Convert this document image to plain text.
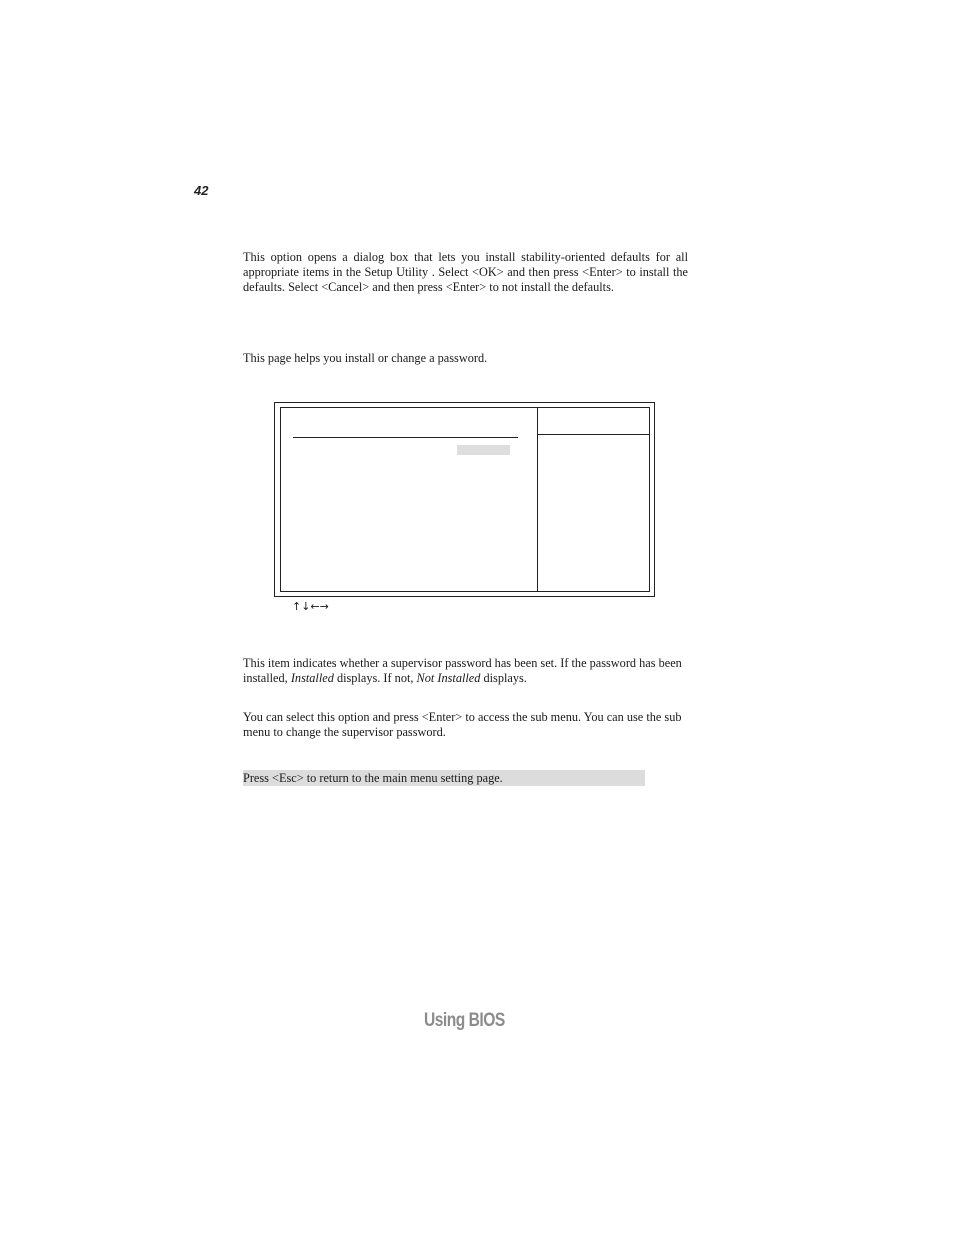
42
This option opens a dialog box that lets you install stability-oriented defaults for all appropriate items in the Setup Utility . Select <OK> and then press <Enter> to install the defaults. Select <Cancel> and then press <Enter> to not install the defaults.
This page helps you install or change a password.
↑↓←→
This item indicates whether a supervisor password has been set. If the password has been installed, Installed displays. If not, Not Installed displays.
You can select this option and press <Enter> to access the sub menu. You can use the sub menu to change the supervisor password.
Press <Esc> to return to the main menu setting page.
Using BIOS
